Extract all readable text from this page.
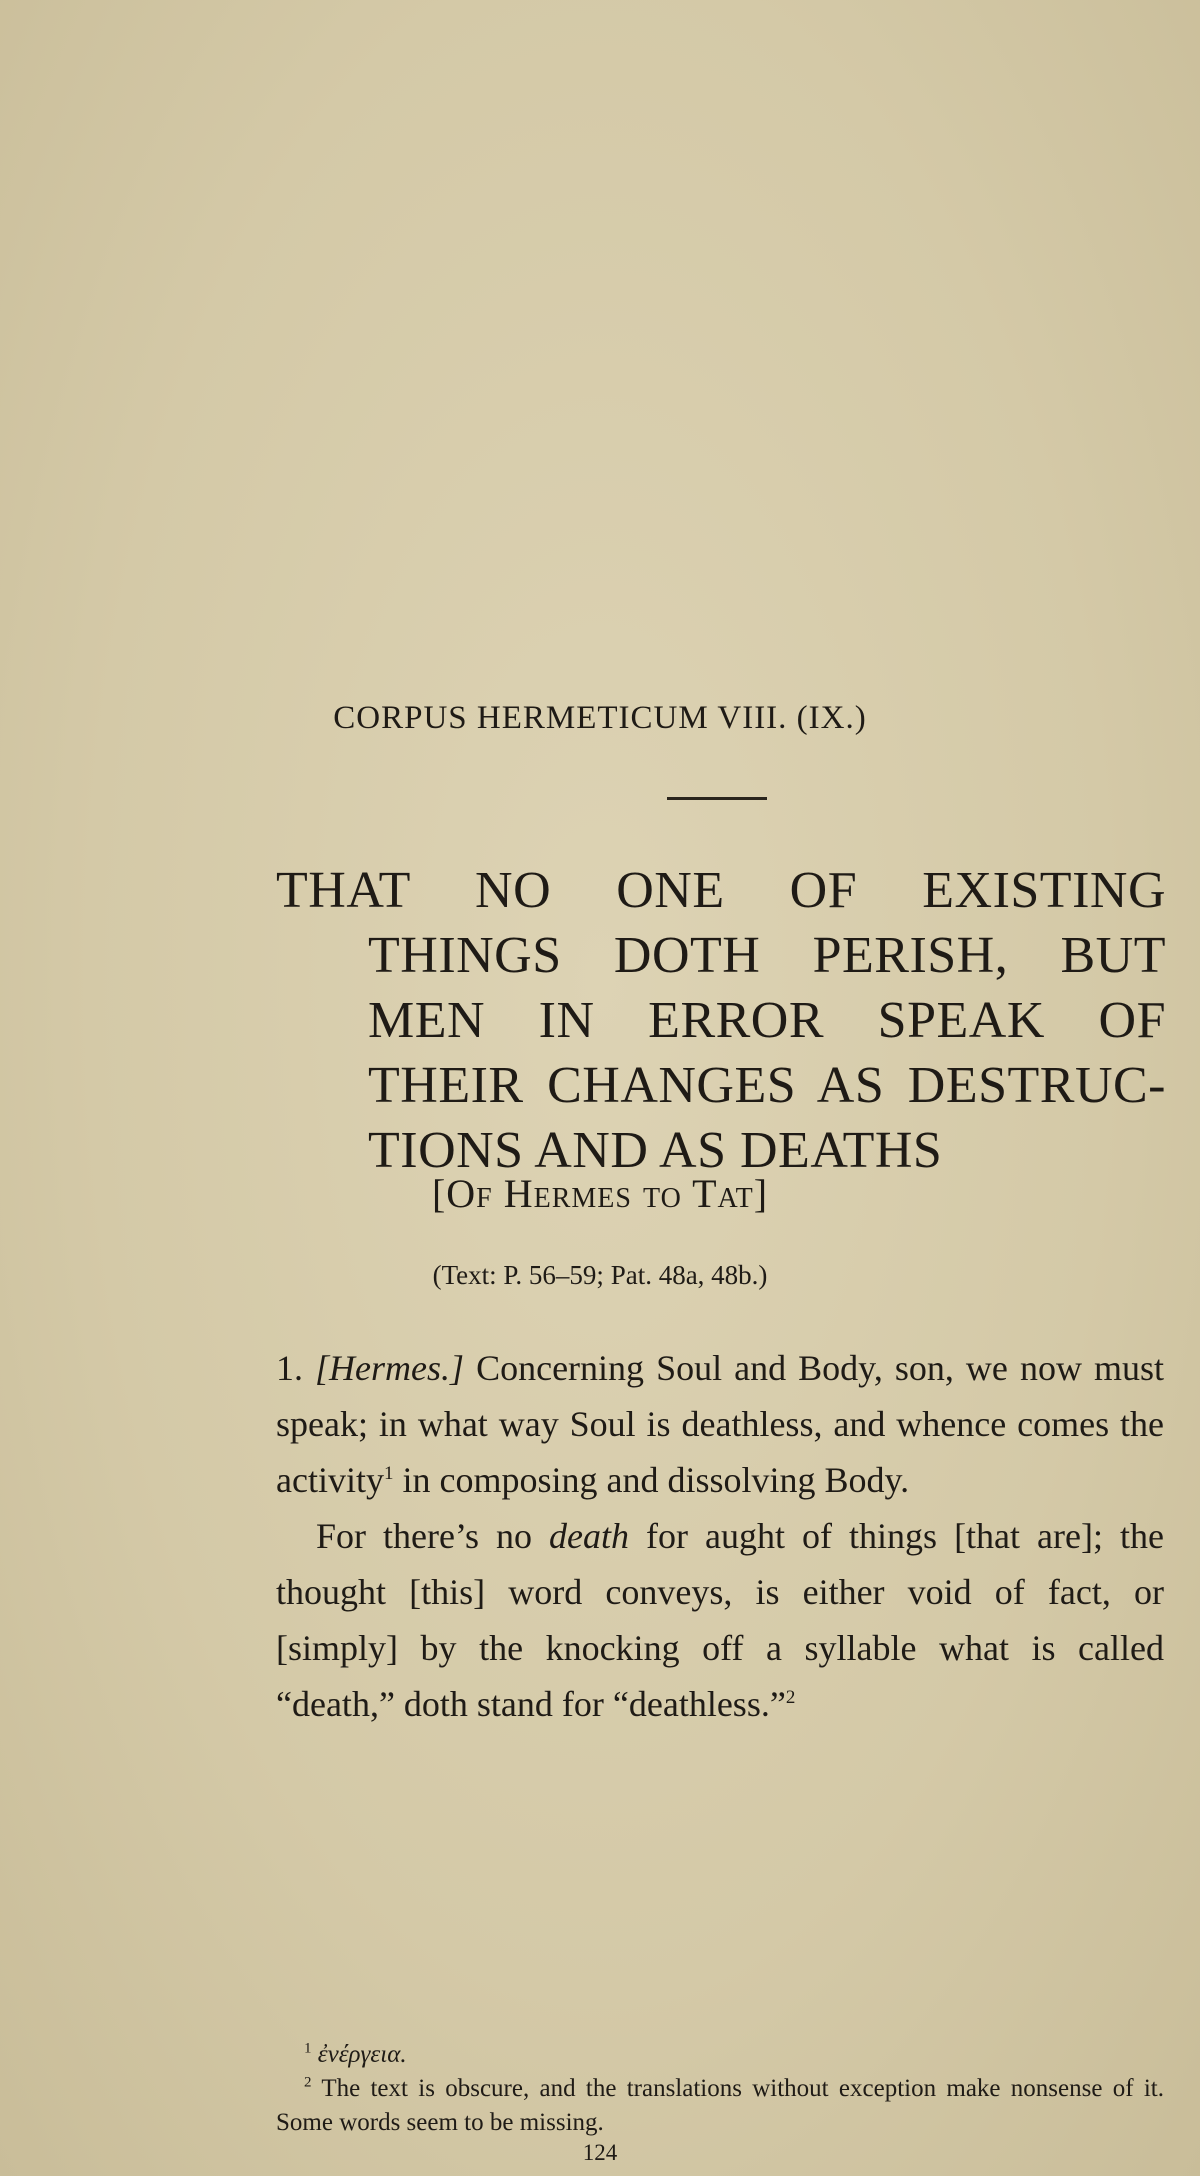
CORPUS HERMETICUM VIII. (IX.)
THAT NO ONE OF EXISTING
THINGS DOTH PERISH, BUT
MEN IN ERROR SPEAK OF
THEIR CHANGES AS DESTRUC-
TIONS AND AS DEATHS
[Of Hermes to Tat]
(Text: P. 56–59; Pat. 48a, 48b.)

1. [Hermes.] Concerning Soul and Body, son, we now must speak; in what way Soul is deathless, and whence comes the activity$^1$ in composing and dissolving Body.

For there’s no death for aught of things [that are]; the thought [this] word conveys, is either void of fact, or [simply] by the knocking off a syllable what is called “death,” doth stand for “deathless.”$^2$

$^1$ ἐνέργεια.

$^2$ The text is obscure, and the translations without exception make nonsense of it. Some words seem to be missing.

124
